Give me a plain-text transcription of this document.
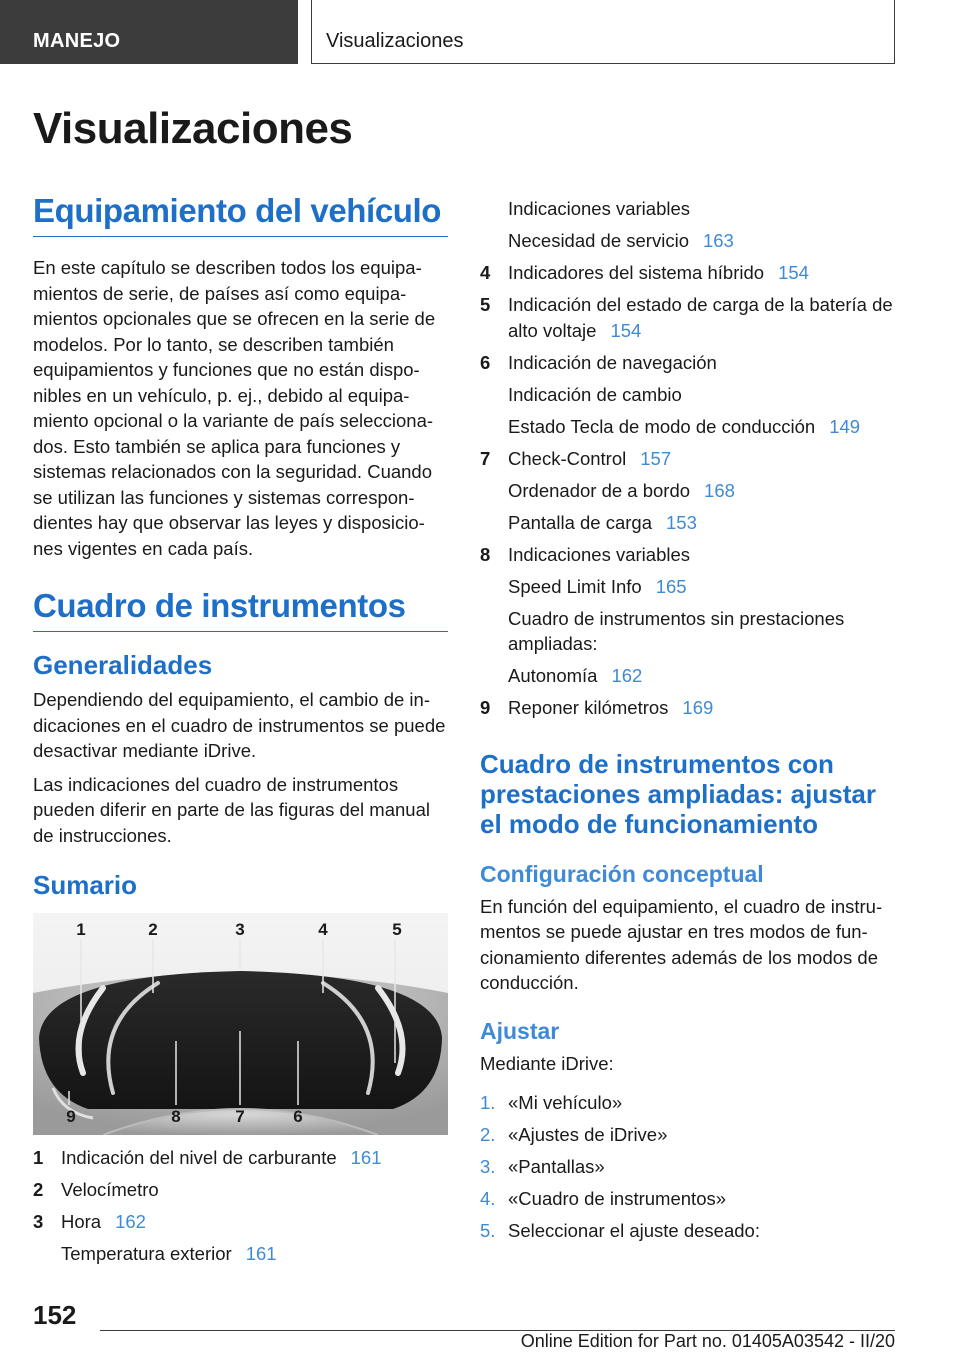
MANEJO	Visualizaciones
Visualizaciones
Equipamiento del vehículo
En este capítulo se describen todos los equipa-mientos de serie, de países así como equipa-mientos opcionales que se ofrecen en la serie de modelos. Por lo tanto, se describen también equipamientos y funciones que no están dispo-nibles en un vehículo, p. ej., debido al equipa-miento opcional o la variante de país selecciona-dos. Esto también se aplica para funciones y sistemas relacionados con la seguridad. Cuando se utilizan las funciones y sistemas correspon-dientes hay que observar las leyes y disposicio-nes vigentes en cada país.
Cuadro de instrumentos
Generalidades
Dependiendo del equipamiento, el cambio de in-dicaciones en el cuadro de instrumentos se puede desactivar mediante iDrive.
Las indicaciones del cuadro de instrumentos pueden diferir en parte de las figuras del manual de instrucciones.
Sumario
1	2	3	4	5
9	8	7	6
1 Indicación del nivel de carburante 161
2 Velocímetro
3 Hora 162
Temperatura exterior 161
Indicaciones variables
Necesidad de servicio 163
4 Indicadores del sistema híbrido 154
5 Indicación del estado de carga de la batería de alto voltaje 154
6 Indicación de navegación
Indicación de cambio
Estado Tecla de modo de conducción 149
7 Check-Control 157
Ordenador de a bordo 168
Pantalla de carga 153
8 Indicaciones variables
Speed Limit Info 165
Cuadro de instrumentos sin prestaciones ampliadas:
Autonomía 162
9 Reponer kilómetros 169
Cuadro de instrumentos con prestaciones ampliadas: ajustar el modo de funcionamiento
Configuración conceptual
En función del equipamiento, el cuadro de instru-mentos se puede ajustar en tres modos de fun-cionamiento diferentes además de los modos de conducción.
Ajustar
Mediante iDrive:
1. «Mi vehículo»
2. «Ajustes de iDrive»
3. «Pantallas»
4. «Cuadro de instrumentos»
5. Seleccionar el ajuste deseado:
152
Online Edition for Part no. 01405A03542 - II/20
